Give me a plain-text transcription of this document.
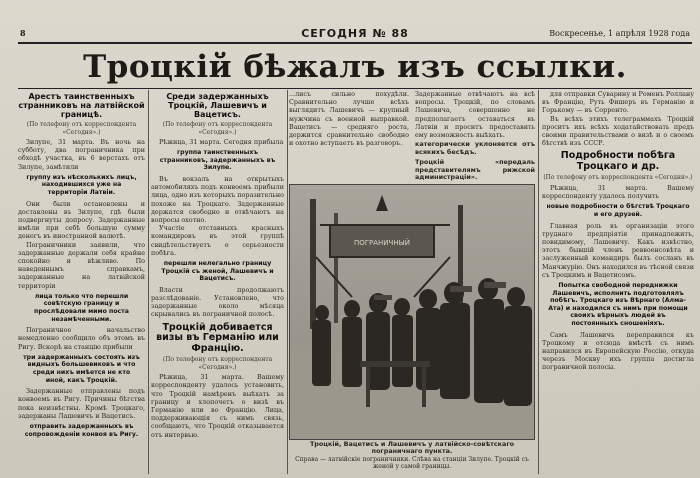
8	СЕГОДНЯ № 88	Воскресенье, 1 апрѣля 1928 года
Троцкій бѣжалъ изъ ссылки.
Арестъ таинственныхъ странниковъ на латвійской границѣ.
(По телефону отъ корреспондента «Сегодня».)

Зилупе, 31 марта. Въ ночь на субботу, два пограничника при обходѣ участка, въ 6 верстахъ отъ Зилупе, замѣтили

группу изъ нѣсколькихъ лицъ, находившихся уже на территоріи Латвіи.

Они были остановлены и доставлены въ Зилупе, гдѣ были подвергнуты допросу. Задержанные имѣли при себѣ большую сумму денегъ въ иностранной валютѣ.

Пограничники заявили, что задержанные держали себя крайне спокойно и вѣжливо. По наведеннымъ справкамъ, задержанные на латвійской территоріи

лица только что перешли совѣтскую границу и прослѣдовали мимо поста незамѣченными.

Пограничное начальство немедленно сообщило объ этомъ въ Ригу. Вскорѣ на станцію прибыли

три задержанныхъ состоять изъ видныхъ большевиковъ и что среди нихъ имѣется не кто иной, какъ Троцкій.

Задержанные отправлены подъ конвоемъ въ Ригу. Причины бѣгства пока неизвѣстны. Кромѣ Троцкаго, задержаны Лашевичъ и Вацетисъ.

отправить задержанныхъ въ сопровожденіи конвоя въ Ригу.
Среди задержанныхъ Троцкій, Лашевичъ и Вацетисъ.
(По телефону отъ корреспондента «Сегодня».)

Рѣжица, 31 марта. Сегодня прибыла

группа таинственныхъ странниковъ, задержанныхъ въ Зилупе.

Въ вокзалъ на открытыхъ автомобиляхъ подъ конвоемъ прибыли лица, одно изъ которыхъ поразительно похоже на Троцкаго. Задержанные держатся свободно и отвѣчаютъ на вопросы охотно.

Участіе отставныхъ красныхъ командировъ въ этой группѣ свидѣтельствуетъ о серьезности побѣга.

перешли нелегально границу Троцкій съ женой, Лашевичъ и Вацетисъ.

Власти продолжаютъ разслѣдованіе. Установлено, что задержанные около мѣсяца скрывались въ пограничной полосѣ.

Троцкій добивается визы въ Германію или Францію.
(По телефону отъ корреспондента «Сегодня».)

Рѣжица, 31 марта. Вашему корреспонденту удалось установить, что Троцкій намѣренъ выѣхать за границу и хлопочетъ о визѣ въ Германію или во Францію. Лица, поддерживающія съ нимъ связь, сообщаютъ, что Троцкій отказывается отъ интервью.

...лисъ сильно похудѣли. Сравнительно лучше всѣхъ выглядитъ Лашевичъ — крупный мужчина съ военной выправкой. Вацетисъ — средняго роста, держится сравнительно свободно и охотно вступаетъ въ разговоръ.
Задержанные отвѣчаютъ на всѣ вопросы. Троцкій, по словамъ Лашевича, совершенно не предполагаетъ оставаться въ Латвіи и проситъ предоставить ему возможность выѣхать.
категорически уклоняется отъ всякихъ бесѣдъ.
Троцкій «передаль представителямъ рижской администраціи».
ПОГРАНИЧНЫЙ
Троцкій, Вацетисъ и Лашевичъ у латвійско-совѣтскаго пограничнаго пункта.
Справа — латвійскіе пограничники. Слѣва на станціи Зилупе. Троцкій съ женой у самой границы.

для отправки Суварину и Роменъ Роллану въ Францію, Руть Фишеръ въ Германію и Горькому — въ Сорренто.

Въ всѣхъ этихъ телеграммахъ Троцкій проситъ ихъ всѣхъ ходатайствовать предъ своими правительствами о визѣ и о своемъ бѣгствѣ изъ СССР.

Подробности побѣга Троцкаго и др.
(По телефону отъ корреспондента «Сегодня».)

Рѣжица, 31 марта. Вашему корреспонденту удалось получить

новые подробности о бѣгствѣ Троцкаго и его друзей.

Главная роль въ организаціи этого труднаго предпріятія принадлежитъ, повидимому, Лашевичу. Какъ извѣстно, этотъ бывшій членъ реввоенсовѣта и заслуженный командиръ былъ сосланъ въ Манчжурію. Онъ находился въ тѣсной связи съ Троцкимъ и Вацетисомъ.

Попытка свободной переднижки Лашевичъ, исполнить подготовлялъ побѣгъ. Троцкаго изъ Вѣрнаго (Алма-Ата) и находился съ нимъ при помощи своихъ вѣрныхъ людей въ постоянныхъ сношеніяхъ.

Самъ Лашевичъ переправился къ Троцкому и отсюда вмѣстѣ съ нимъ направился въ Европейскую Россію, откуда черезъ Москву ихъ группа достигла пограничной полосы.
